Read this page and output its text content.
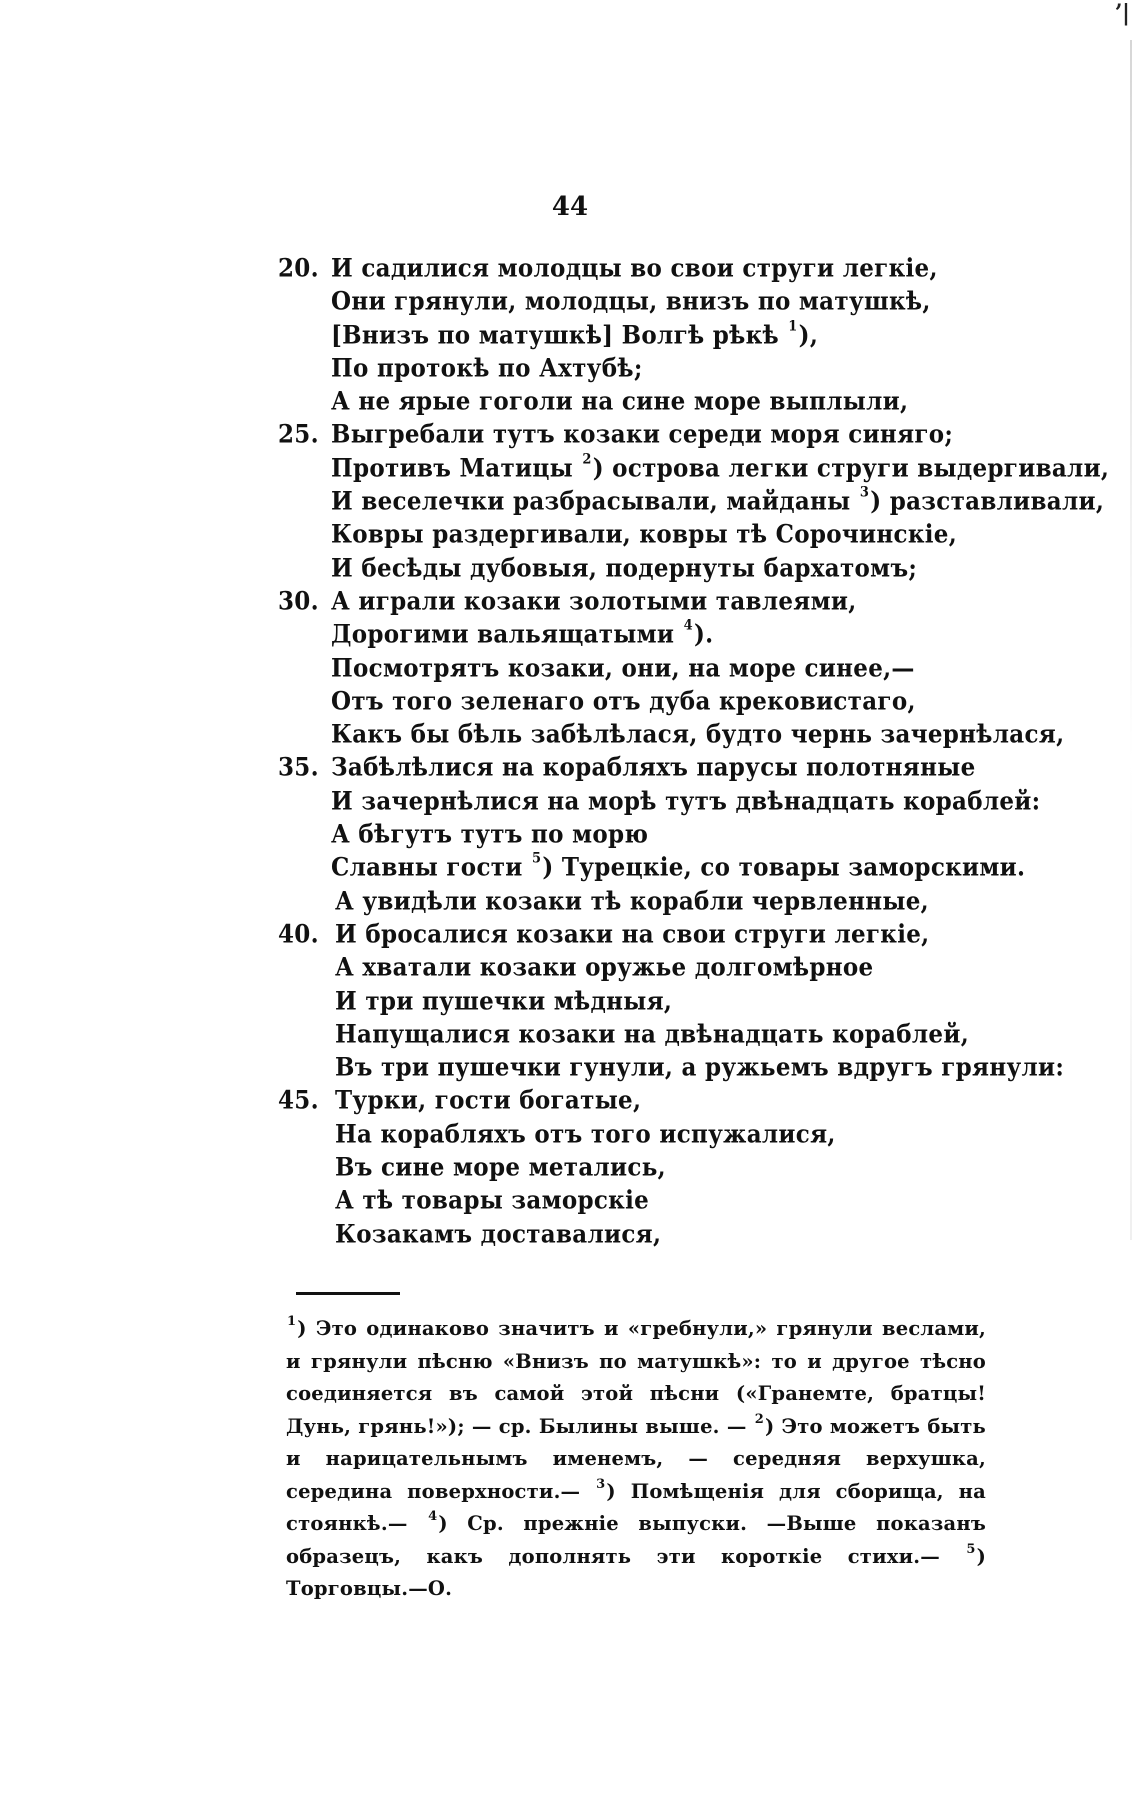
ʼ|
44
20. И садилися молодцы во свои струги легкіе,
Они грянули, молодцы, внизъ по матушкѣ,
[Внизъ по матушкѣ] Волгѣ рѣкѣ $^1$),
По протокѣ по Ахтубѣ;
А не ярые гоголи на сине море выплыли,
25. Выгребали тутъ козаки середи моря синяго;
Противъ Матицы $^2$) острова легки струги выдергивали,
И веселечки разбрасывали, майданы $^3$) разставливали,
Ковры раздергивали, ковры тѣ Сорочинскіе,
И бесѣды дубовыя, подернуты бархатомъ;
30. А играли козаки золотыми тавлеями,
Дорогими вальящатыми $^4$).
Посмотрятъ козаки, они, на море синее,—
Отъ того зеленаго отъ дуба крековистаго,
Какъ бы бѣль забѣлѣлася, будто чернь зачернѣлася,
35. Забѣлѣлися на корабляхъ парусы полотняные
И зачернѣлися на морѣ тутъ двѣнадцать кораблей:
А бѣгутъ тутъ по морю
Славны гости $^5$) Турецкіе, со товары заморскими.
А увидѣли козаки тѣ корабли червленные,
40. И бросалися козаки на свои струги легкіе,
А хватали козаки оружье долгомѣрное
И три пушечки мѣдныя,
Напущалися козаки на двѣнадцать кораблей,
Въ три пушечки гунули, а ружьемъ вдругъ грянули:
45. Турки, гости богатые,
На корабляхъ отъ того испужалися,
Въ сине море метались,
А тѣ товары заморскіе
Козакамъ доставалися,
$^1$) Это одинаково значитъ и «гребнули,» грянули веслами, и грянули пѣсню «Внизъ по матушкѣ»: то и другое тѣсно соединяется въ самой этой пѣсни («Гранемте, братцы! Дунь, грянь!»); — ср. Былины выше. — $^2$) Это можетъ быть и нарицательнымъ именемъ, — середняя верхушка, середина поверхности.— $^3$) Помѣщенія для сборища, на стоянкѣ.— $^4$) Ср. прежніе выпуски. —Выше показанъ образецъ, какъ дополнять эти короткіе стихи.— $^5$) Торговцы.—О.
